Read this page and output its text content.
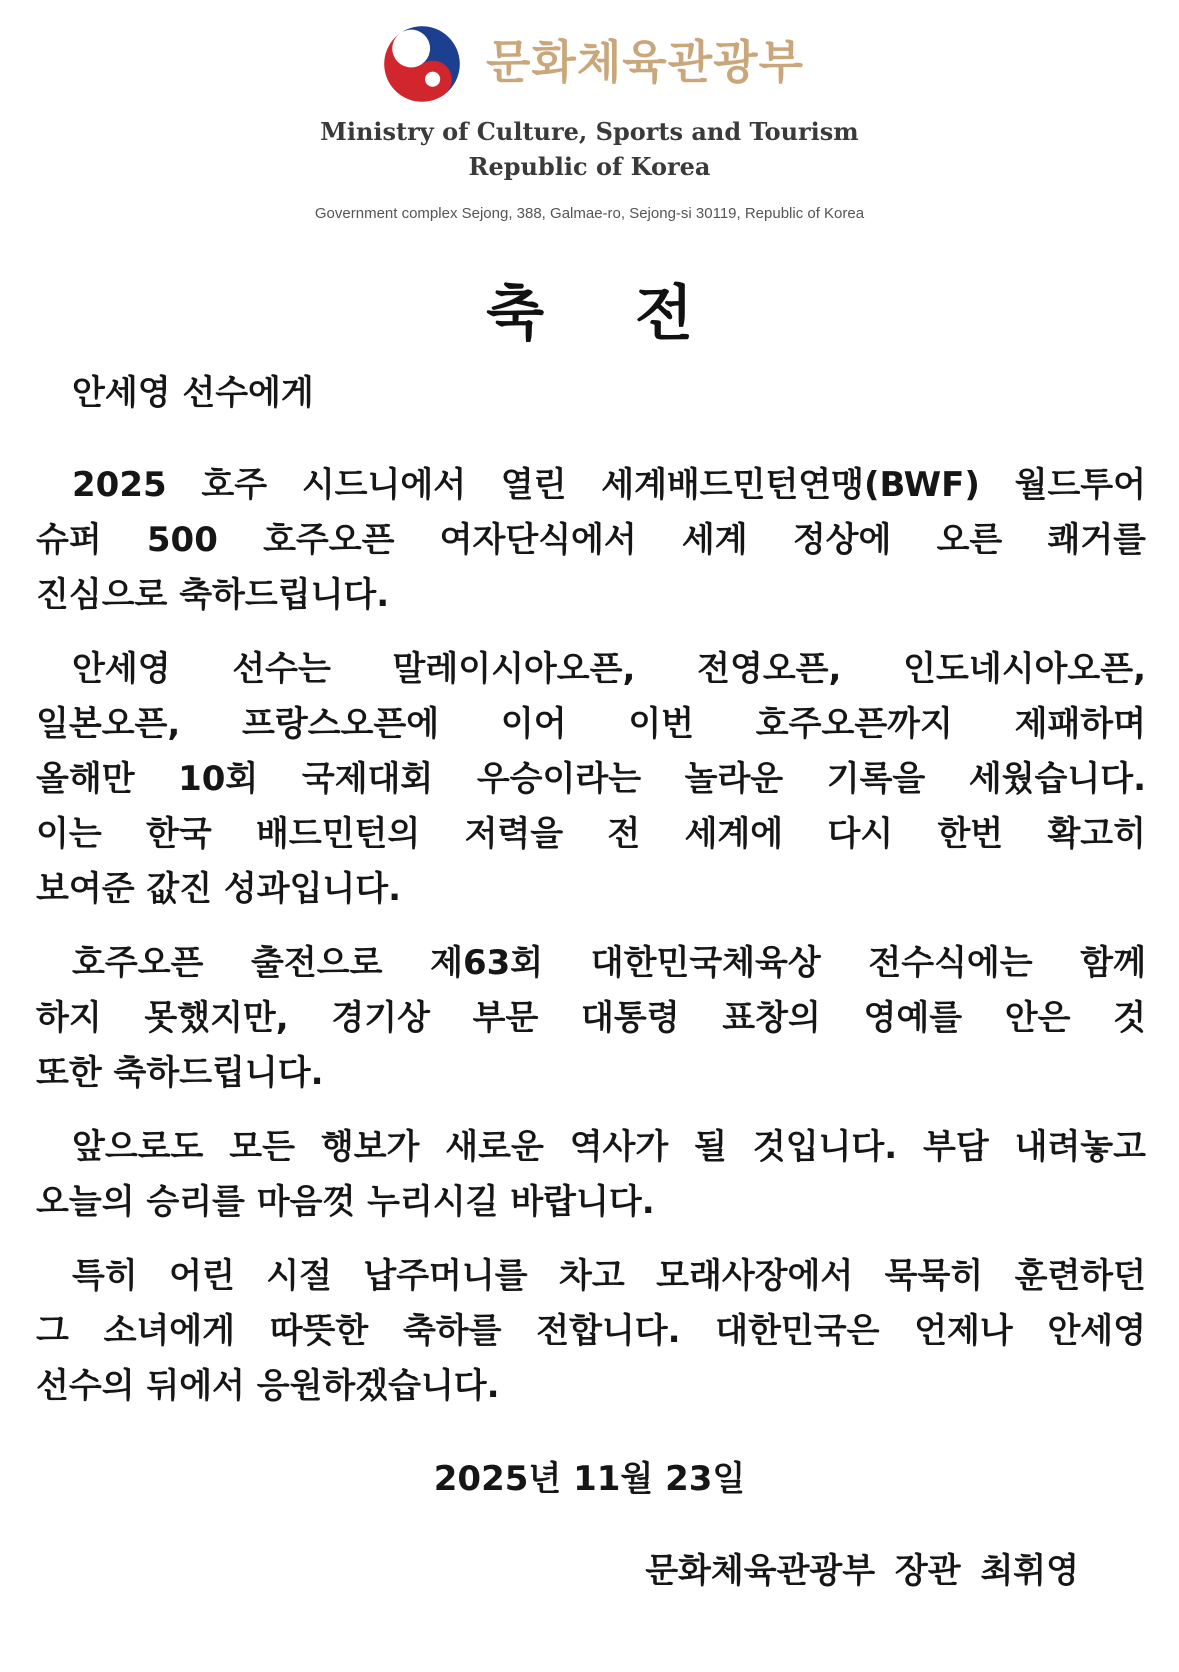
문화체육관광부
Ministry of Culture, Sports and Tourism
Republic of Korea
Government complex Sejong, 388, Galmae-ro, Sejong-si 30119, Republic of Korea
축 전
안세영 선수에게
2025 호주 시드니에서 열린 세계배드민턴연맹(BWF) 월드투어
슈퍼 500 호주오픈 여자단식에서 세계 정상에 오른 쾌거를
진심으로 축하드립니다.
안세영 선수는 말레이시아오픈, 전영오픈, 인도네시아오픈,
일본오픈, 프랑스오픈에 이어 이번 호주오픈까지 제패하며
올해만 10회 국제대회 우승이라는 놀라운 기록을 세웠습니다.
이는 한국 배드민턴의 저력을 전 세계에 다시 한번 확고히
보여준 값진 성과입니다.
호주오픈 출전으로 제63회 대한민국체육상 전수식에는 함께
하지 못했지만, 경기상 부문 대통령 표창의 영예를 안은 것
또한 축하드립니다.
앞으로도 모든 행보가 새로운 역사가 될 것입니다. 부담 내려놓고
오늘의 승리를 마음껏 누리시길 바랍니다.
특히 어린 시절 납주머니를 차고 모래사장에서 묵묵히 훈련하던
그 소녀에게 따뜻한 축하를 전합니다. 대한민국은 언제나 안세영
선수의 뒤에서 응원하겠습니다.
2025년 11월 23일
문화체육관광부 장관 최휘영
